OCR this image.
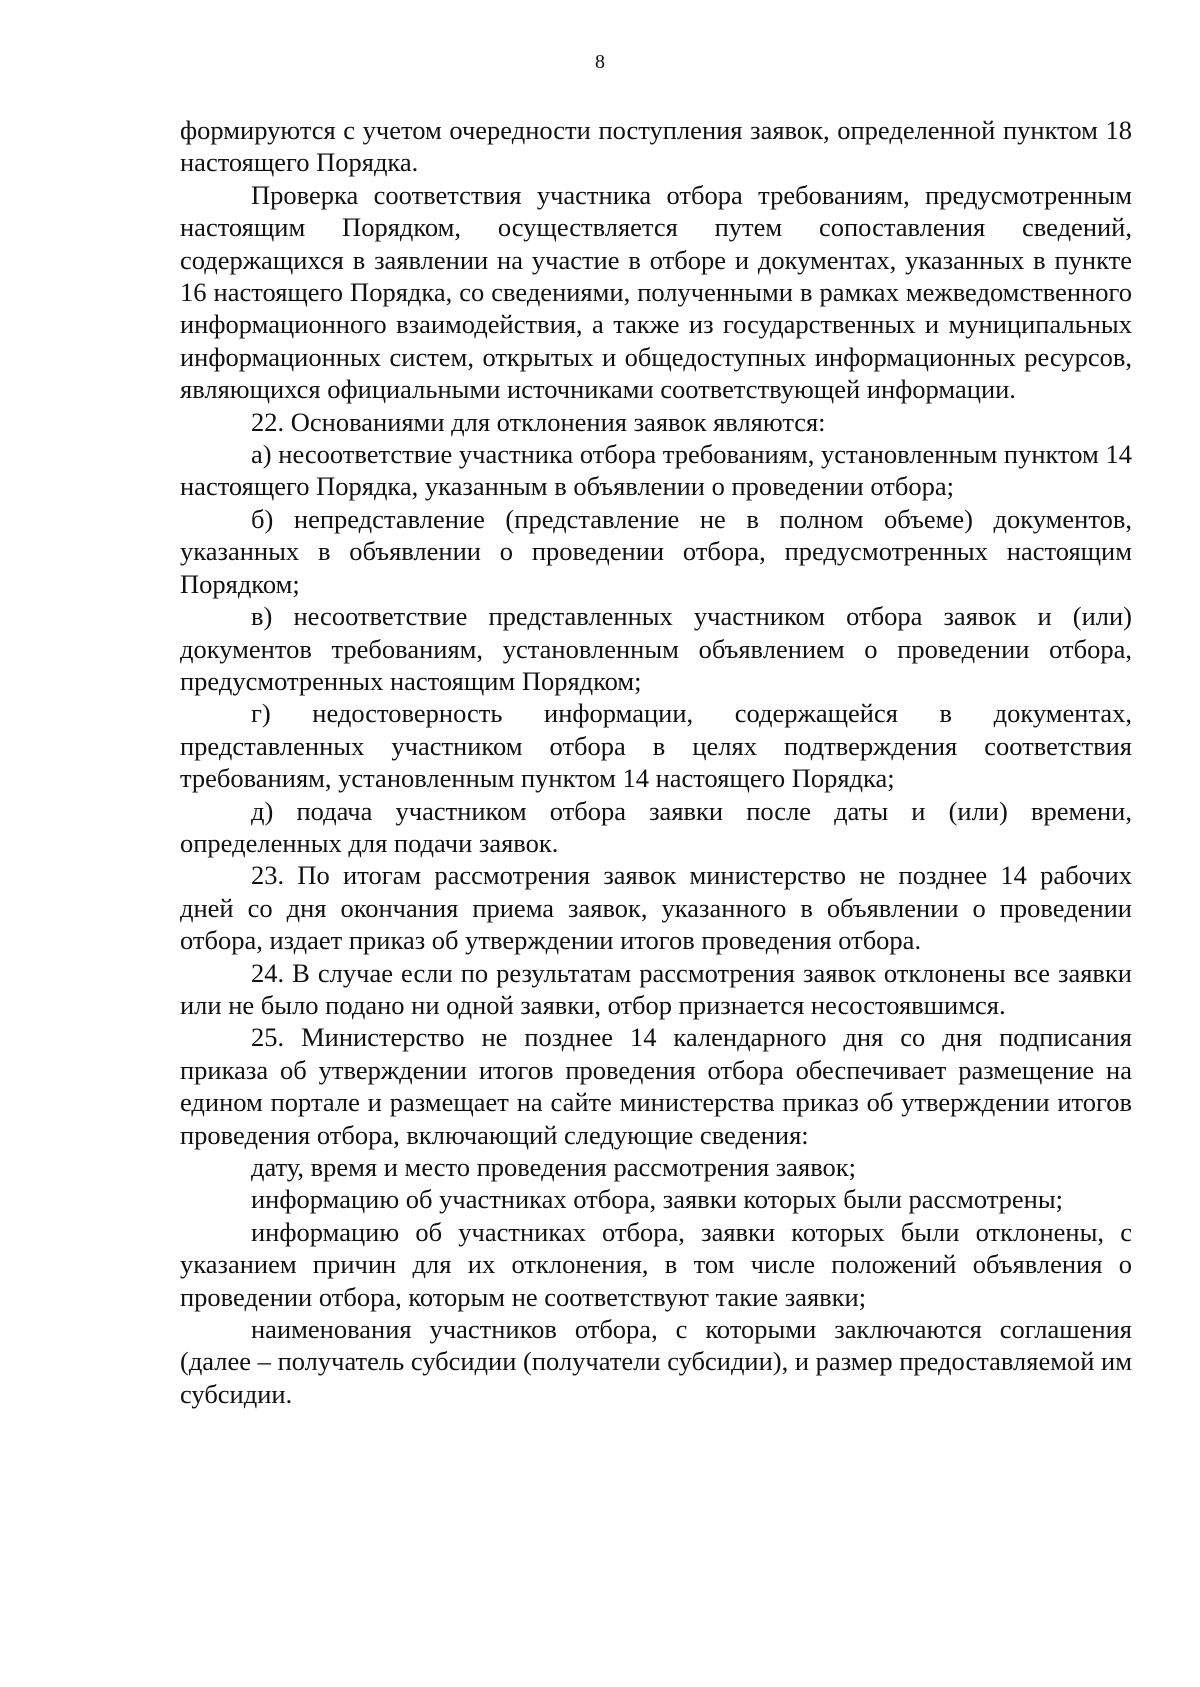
8

формируются с учетом очередности поступления заявок, определенной пунктом 18 настоящего Порядка.

Проверка соответствия участника отбора требованиям, предусмотренным настоящим Порядком, осуществляется путем сопоставления сведений, содержащихся в заявлении на участие в отборе и документах, указанных в пункте 16 настоящего Порядка, со сведениями, полученными в рамках межведомственного информационного взаимодействия, а также из государственных и муниципальных информационных систем, открытых и общедоступных информационных ресурсов, являющихся официальными источниками соответствующей информации.

22. Основаниями для отклонения заявок являются:

а) несоответствие участника отбора требованиям, установленным пунктом 14 настоящего Порядка, указанным в объявлении о проведении отбора;

б) непредставление (представление не в полном объеме) документов, указанных в объявлении о проведении отбора, предусмотренных настоящим Порядком;

в) несоответствие представленных участником отбора заявок и (или) документов требованиям, установленным объявлением о проведении отбора, предусмотренных настоящим Порядком;

г) недостоверность информации, содержащейся в документах, представленных участником отбора в целях подтверждения соответствия требованиям, установленным пунктом 14 настоящего Порядка;

д) подача участником отбора заявки после даты и (или) времени, определенных для подачи заявок.

23. По итогам рассмотрения заявок министерство не позднее 14 рабочих дней со дня окончания приема заявок, указанного в объявлении о проведении отбора, издает приказ об утверждении итогов проведения отбора.

24. В случае если по результатам рассмотрения заявок отклонены все заявки или не было подано ни одной заявки, отбор признается несостоявшимся.

25. Министерство не позднее 14 календарного дня со дня подписания приказа об утверждении итогов проведения отбора обеспечивает размещение на едином портале и размещает на сайте министерства приказ об утверждении итогов проведения отбора, включающий следующие сведения:

дату, время и место проведения рассмотрения заявок;

информацию об участниках отбора, заявки которых были рассмотрены;

информацию об участниках отбора, заявки которых были отклонены, с указанием причин для их отклонения, в том числе положений объявления о проведении отбора, которым не соответствуют такие заявки;

наименования участников отбора, с которыми заключаются соглашения (далее – получатель субсидии (получатели субсидии), и размер предоставляемой им субсидии.
